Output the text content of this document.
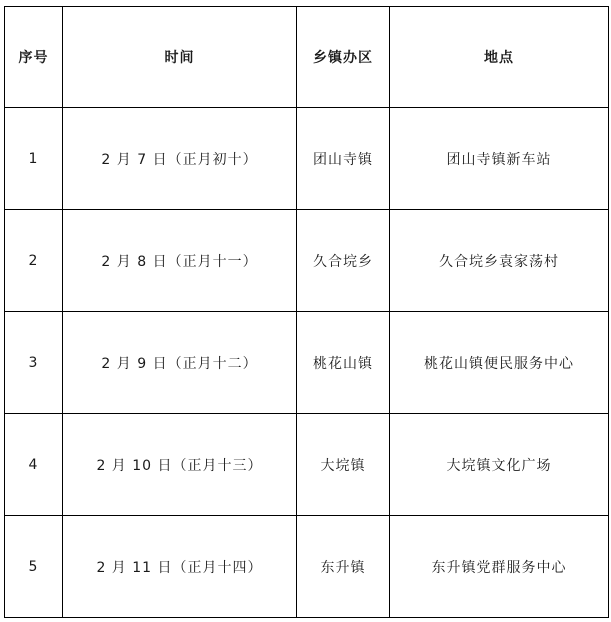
序号	时间	乡镇办区	地点
1	2 月 7 日（正月初十）	团山寺镇	团山寺镇新车站
2	2 月 8 日（正月十一）	久合垸乡	久合垸乡袁家荡村
3	2 月 9 日（正月十二）	桃花山镇	桃花山镇便民服务中心
4	2 月 10 日（正月十三）	大垸镇	大垸镇文化广场
5	2 月 11 日（正月十四）	东升镇	东升镇党群服务中心
